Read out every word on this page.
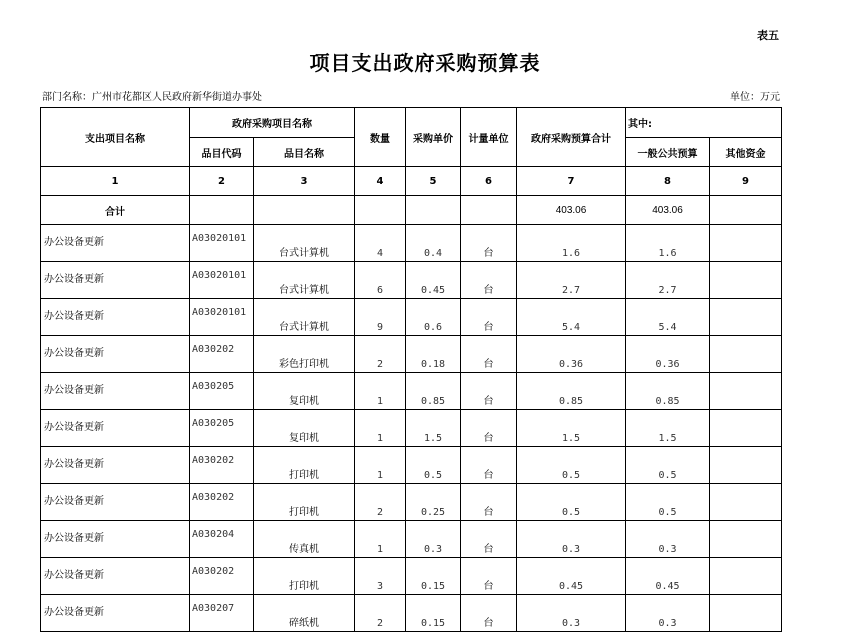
表五
项目支出政府采购预算表
部门名称：广州市花都区人民政府新华街道办事处	单位：万元
支出项目名称	政府采购项目名称		数量	采购单价	计量单位	政府采购预算合计	其中:	
	品目代码	品目名称					一般公共预算	其他资金
1	2	3	4	5	6	7	8	9
合计						403.06	403.06	
办公设备更新	A03020101	台式计算机	4	0.4	台	1.6	1.6	
办公设备更新	A03020101	台式计算机	6	0.45	台	2.7	2.7	
办公设备更新	A03020101	台式计算机	9	0.6	台	5.4	5.4	
办公设备更新	A030202	彩色打印机	2	0.18	台	0.36	0.36	
办公设备更新	A030205	复印机	1	0.85	台	0.85	0.85	
办公设备更新	A030205	复印机	1	1.5	台	1.5	1.5	
办公设备更新	A030202	打印机	1	0.5	台	0.5	0.5	
办公设备更新	A030202	打印机	2	0.25	台	0.5	0.5	
办公设备更新	A030204	传真机	1	0.3	台	0.3	0.3	
办公设备更新	A030202	打印机	3	0.15	台	0.45	0.45	
办公设备更新	A030207	碎纸机	2	0.15	台	0.3	0.3	
